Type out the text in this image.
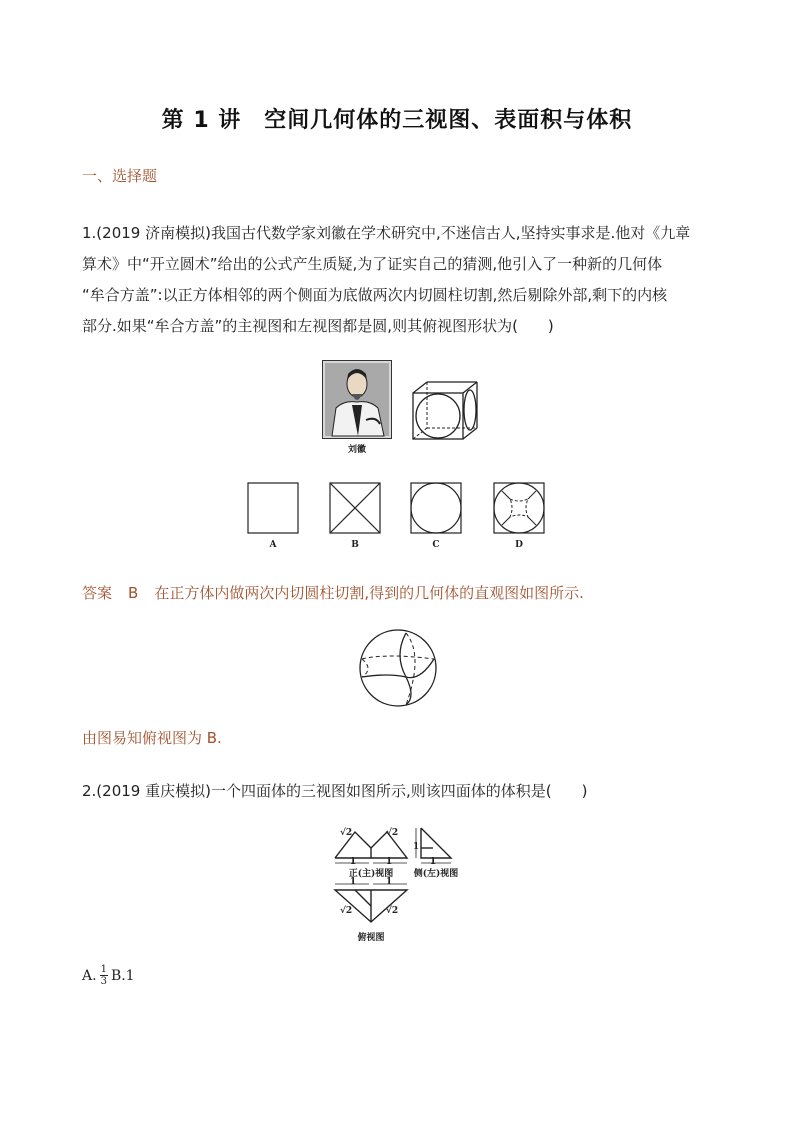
第 1 讲　空间几何体的三视图、表面积与体积
一、选择题
1.(2019 济南模拟)我国古代数学家刘徽在学术研究中,不迷信古人,坚持实事求是.他对《九章
算术》中“开立圆术”给出的公式产生质疑,为了证实自己的猜测,他引入了一种新的几何体
“牟合方盖”:以正方体相邻的两个侧面为底做两次内切圆柱切割,然后剔除外部,剩下的内核
部分.如果“牟合方盖”的主视图和左视图都是圆,则其俯视图形状为(　　)
刘徽
A	B	C	D
答案 B 在正方体内做两次内切圆柱切割,得到的几何体的直观图如图所示.
由图易知俯视图为 B.
2.(2019 重庆模拟)一个四面体的三视图如图所示,则该四面体的体积是(　　)
√2	√2
1	1
正(主)视图
1
1
侧(左)视图
1	1
√2	√2
俯视图
A. $\frac{1}{3} B.1$
